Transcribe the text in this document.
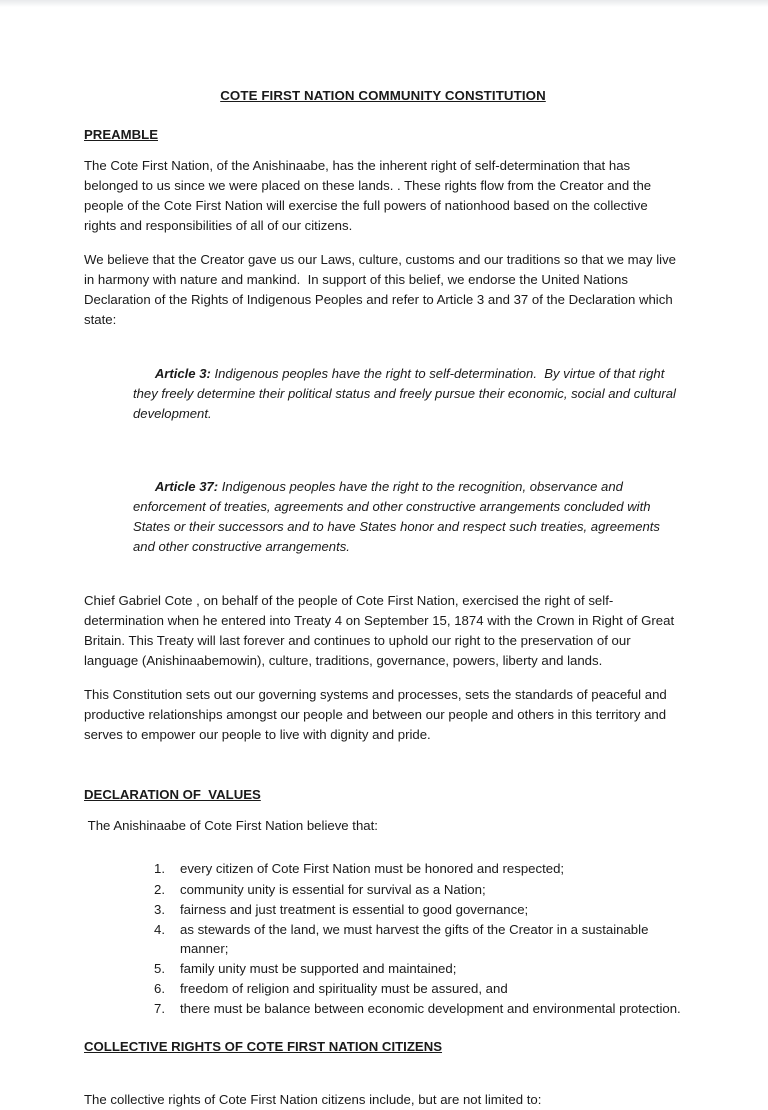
COTE FIRST NATION COMMUNITY CONSTITUTION
PREAMBLE

The Cote First Nation, of the Anishinaabe, has the inherent right of self-determination that has belonged to us since we were placed on these lands. . These rights flow from the Creator and the people of the Cote First Nation will exercise the full powers of nationhood based on the collective rights and responsibilities of all of our citizens.

We believe that the Creator gave us our Laws, culture, customs and our traditions so that we may live in harmony with nature and mankind.  In support of this belief, we endorse the United Nations Declaration of the Rights of Indigenous Peoples and refer to Article 3 and 37 of the Declaration which state:

Article 3: Indigenous peoples have the right to self-determination.  By virtue of that right they freely determine their political status and freely pursue their economic, social and cultural development.

Article 37: Indigenous peoples have the right to the recognition, observance and enforcement of treaties, agreements and other constructive arrangements concluded with States or their successors and to have States honor and respect such treaties, agreements and other constructive arrangements.

Chief Gabriel Cote , on behalf of the people of Cote First Nation, exercised the right of self-determination when he entered into Treaty 4 on September 15, 1874 with the Crown in Right of Great Britain. This Treaty will last forever and continues to uphold our right to the preservation of our language (Anishinaabemowin), culture, traditions, governance, powers, liberty and lands.

This Constitution sets out our governing systems and processes, sets the standards of peaceful and productive relationships amongst our people and between our people and others in this territory and serves to empower our people to live with dignity and pride.

DECLARATION OF  VALUES

The Anishinaabe of Cote First Nation believe that:

every citizen of Cote First Nation must be honored and respected;
community unity is essential for survival as a Nation;
fairness and just treatment is essential to good governance;
as stewards of the land, we must harvest the gifts of the Creator in a sustainable manner;
family unity must be supported and maintained;
freedom of religion and spirituality must be assured, and
there must be balance between economic development and environmental protection.
COLLECTIVE RIGHTS OF COTE FIRST NATION CITIZENS

The collective rights of Cote First Nation citizens include, but are not limited to:
